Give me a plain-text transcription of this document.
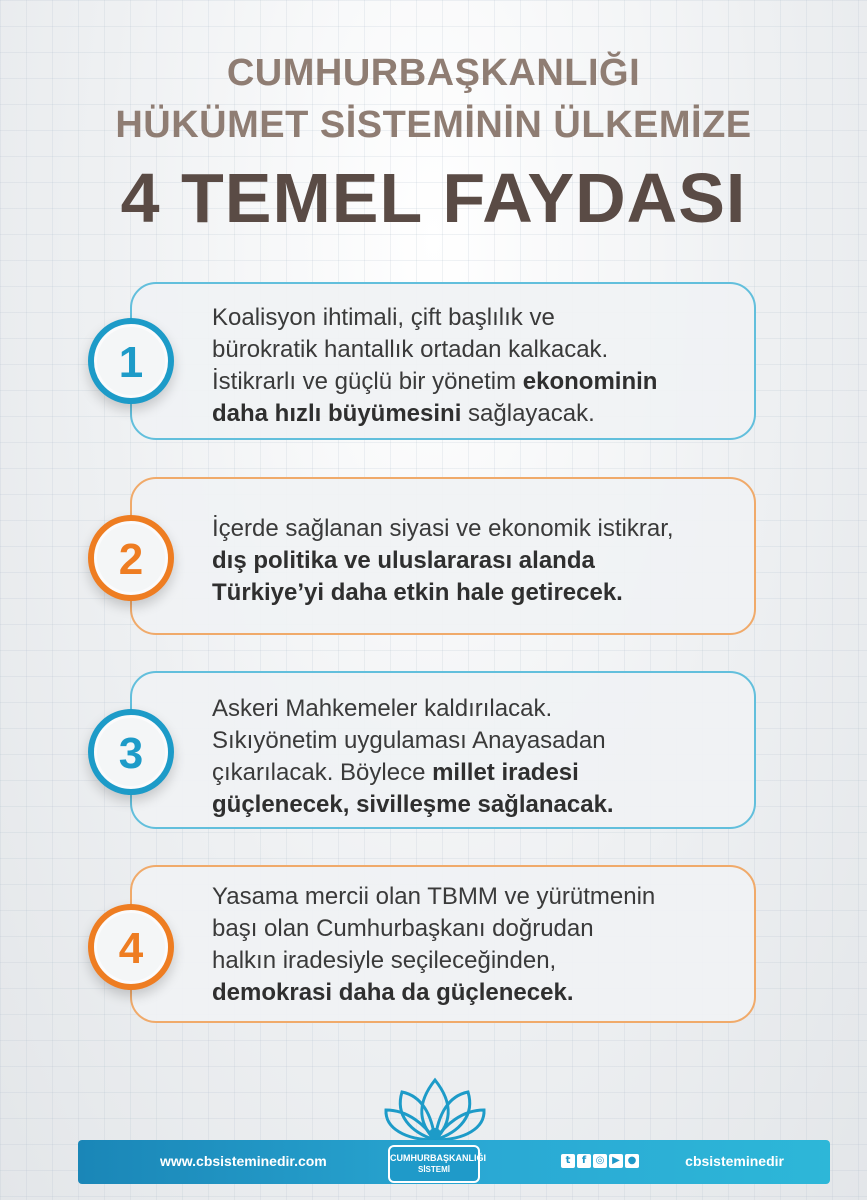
CUMHURBAŞKANLIĞI
HÜKÜMET SİSTEMİNİN ÜLKEMİZE
4 TEMEL FAYDASI
Koalisyon ihtimali, çift başlılık ve
bürokratik hantallık ortadan kalkacak.
İstikrarlı ve güçlü bir yönetim ekonominin
daha hızlı büyümesini sağlayacak.
1
İçerde sağlanan siyasi ve ekonomik istikrar,
dış politika ve uluslararası alanda
Türkiye’yi daha etkin hale getirecek.
2
Askeri Mahkemeler kaldırılacak.
Sıkıyönetim uygulaması Anayasadan
çıkarılacak. Böylece millet iradesi
güçlenecek, sivilleşme sağlanacak.
3
Yasama mercii olan TBMM ve yürütmenin
başı olan Cumhurbaşkanı doğrudan
halkın iradesiyle seçileceğinden,
demokrasi daha da güçlenecek.
4
www.cbsisteminedir.com	t	f ◎ ▶ ●	cbsisteminedir
CUMHURBAŞKANLIĞI
SİSTEMİ
